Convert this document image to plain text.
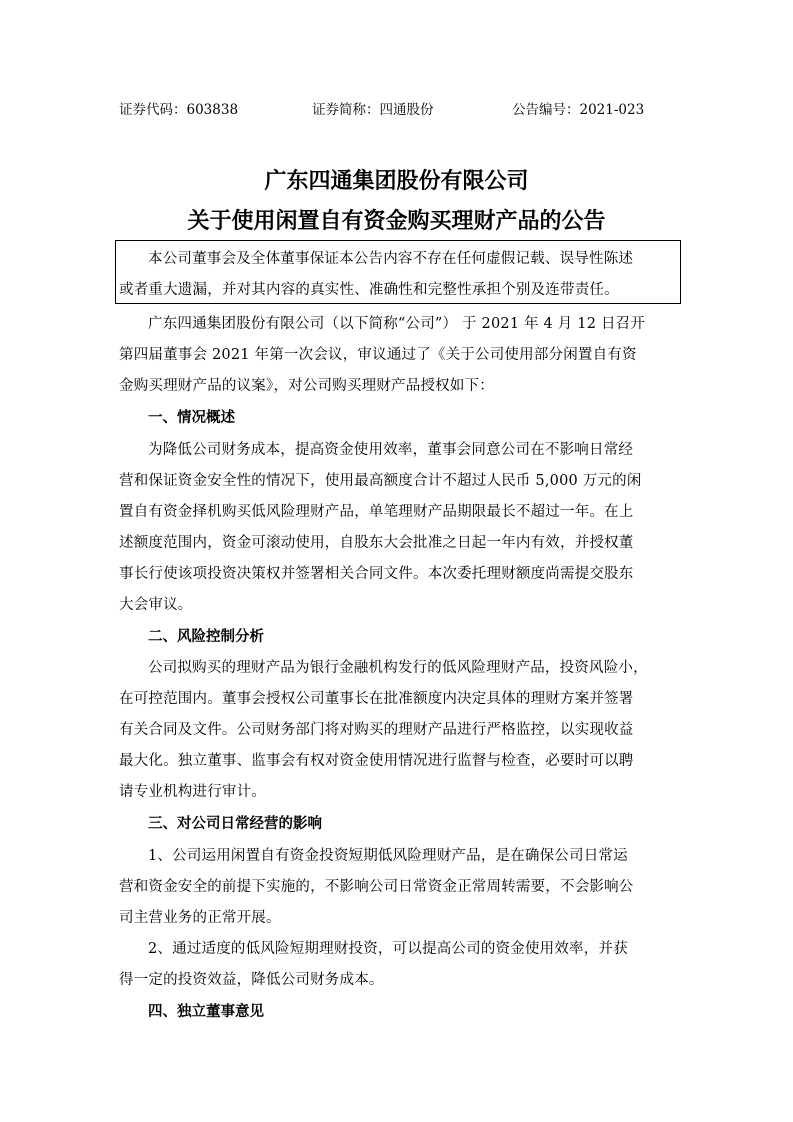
证券代码：603838	证券简称：四通股份	公告编号：2021-023
广东四通集团股份有限公司
关于使用闲置自有资金购买理财产品的公告
本公司董事会及全体董事保证本公告内容不存在任何虚假记载、误导性陈述
或者重大遗漏，并对其内容的真实性、准确性和完整性承担个别及连带责任。
广东四通集团股份有限公司（以下简称“公司”） 于 2021 年 4 月 12 日召开
第四届董事会 2021 年第一次会议，审议通过了《关于公司使用部分闲置自有资
金购买理财产品的议案》，对公司购买理财产品授权如下：
一、情况概述
为降低公司财务成本，提高资金使用效率，董事会同意公司在不影响日常经
营和保证资金安全性的情况下，使用最高额度合计不超过人民币 5,000 万元的闲
置自有资金择机购买低风险理财产品，单笔理财产品期限最长不超过一年。在上
述额度范围内，资金可滚动使用，自股东大会批准之日起一年内有效，并授权董
事长行使该项投资决策权并签署相关合同文件。本次委托理财额度尚需提交股东
大会审议。
二、风险控制分析
公司拟购买的理财产品为银行金融机构发行的低风险理财产品，投资风险小，
在可控范围内。董事会授权公司董事长在批准额度内决定具体的理财方案并签署
有关合同及文件。公司财务部门将对购买的理财产品进行严格监控，以实现收益
最大化。独立董事、监事会有权对资金使用情况进行监督与检查，必要时可以聘
请专业机构进行审计。
三、对公司日常经营的影响
1、公司运用闲置自有资金投资短期低风险理财产品，是在确保公司日常运
营和资金安全的前提下实施的，不影响公司日常资金正常周转需要，不会影响公
司主营业务的正常开展。
2、通过适度的低风险短期理财投资，可以提高公司的资金使用效率，并获
得一定的投资效益，降低公司财务成本。
四、独立董事意见
